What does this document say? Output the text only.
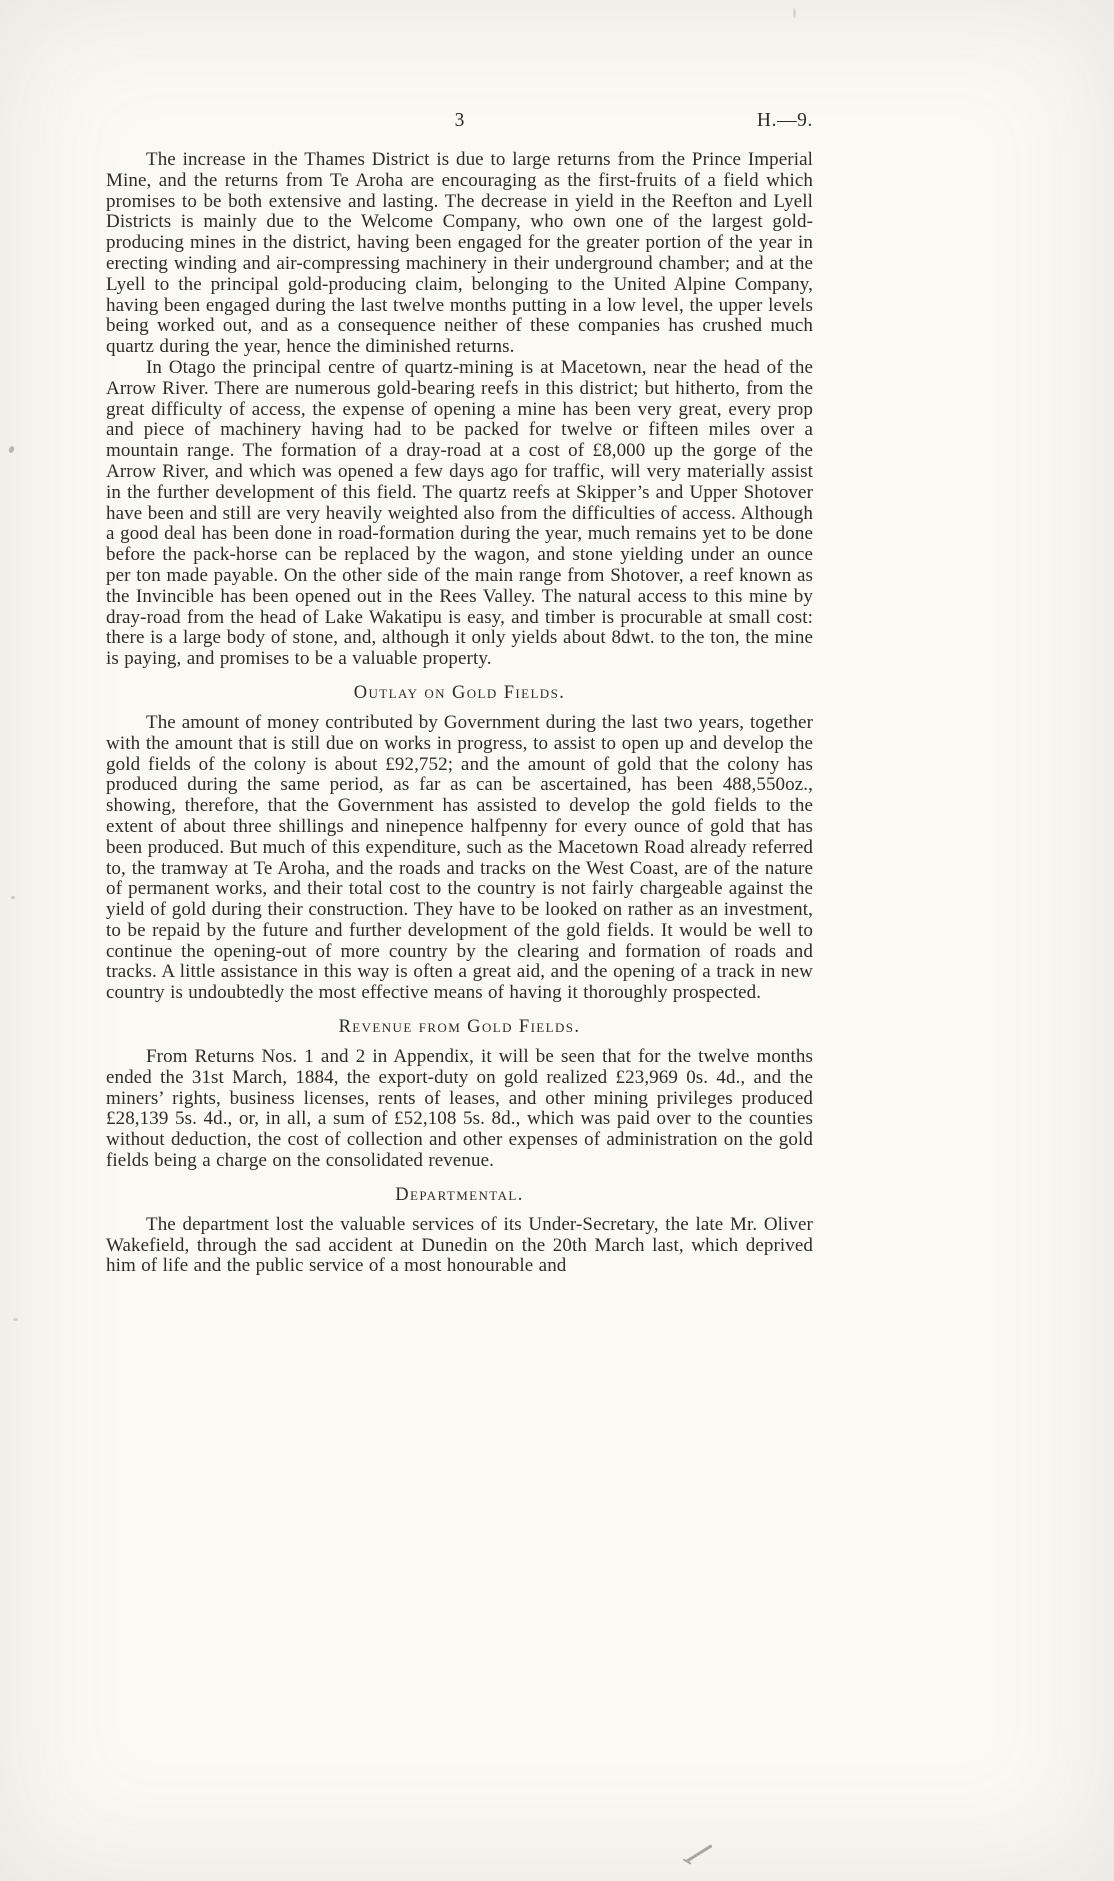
3	H.—9.

The increase in the Thames District is due to large returns from the Prince Imperial Mine, and the returns from Te Aroha are encouraging as the first-fruits of a field which promises to be both extensive and lasting. The decrease in yield in the Reefton and Lyell Districts is mainly due to the Welcome Company, who own one of the largest gold-producing mines in the district, having been engaged for the greater portion of the year in erecting winding and air-compressing machinery in their underground chamber; and at the Lyell to the principal gold-producing claim, belonging to the United Alpine Company, having been engaged during the last twelve months putting in a low level, the upper levels being worked out, and as a consequence neither of these companies has crushed much quartz during the year, hence the diminished returns.

In Otago the principal centre of quartz-mining is at Macetown, near the head of the Arrow River. There are numerous gold-bearing reefs in this district; but hitherto, from the great difficulty of access, the expense of opening a mine has been very great, every prop and piece of machinery having had to be packed for twelve or fifteen miles over a mountain range. The formation of a dray-road at a cost of £8,000 up the gorge of the Arrow River, and which was opened a few days ago for traffic, will very materially assist in the further development of this field. The quartz reefs at Skipper’s and Upper Shotover have been and still are very heavily weighted also from the difficulties of access. Although a good deal has been done in road-formation during the year, much remains yet to be done before the pack-horse can be replaced by the wagon, and stone yielding under an ounce per ton made payable. On the other side of the main range from Shotover, a reef known as the Invincible has been opened out in the Rees Valley. The natural access to this mine by dray-road from the head of Lake Wakatipu is easy, and timber is procurable at small cost: there is a large body of stone, and, although it only yields about 8dwt. to the ton, the mine is paying, and promises to be a valuable property.

Outlay on Gold Fields.

The amount of money contributed by Government during the last two years, together with the amount that is still due on works in progress, to assist to open up and develop the gold fields of the colony is about £92,752; and the amount of gold that the colony has produced during the same period, as far as can be ascertained, has been 488,550oz., showing, therefore, that the Government has assisted to develop the gold fields to the extent of about three shillings and ninepence halfpenny for every ounce of gold that has been produced. But much of this expenditure, such as the Macetown Road already referred to, the tramway at Te Aroha, and the roads and tracks on the West Coast, are of the nature of permanent works, and their total cost to the country is not fairly chargeable against the yield of gold during their construction. They have to be looked on rather as an investment, to be repaid by the future and further development of the gold fields. It would be well to continue the opening-out of more country by the clearing and formation of roads and tracks. A little assistance in this way is often a great aid, and the opening of a track in new country is undoubtedly the most effective means of having it thoroughly prospected.

Revenue from Gold Fields.

From Returns Nos. 1 and 2 in Appendix, it will be seen that for the twelve months ended the 31st March, 1884, the export-duty on gold realized £23,969 0s. 4d., and the miners’ rights, business licenses, rents of leases, and other mining privileges produced £28,139 5s. 4d., or, in all, a sum of £52,108 5s. 8d., which was paid over to the counties without deduction, the cost of collection and other expenses of administration on the gold fields being a charge on the consolidated revenue.

Departmental.

The department lost the valuable services of its Under-Secretary, the late Mr. Oliver Wakefield, through the sad accident at Dunedin on the 20th March last, which deprived him of life and the public service of a most honourable and
